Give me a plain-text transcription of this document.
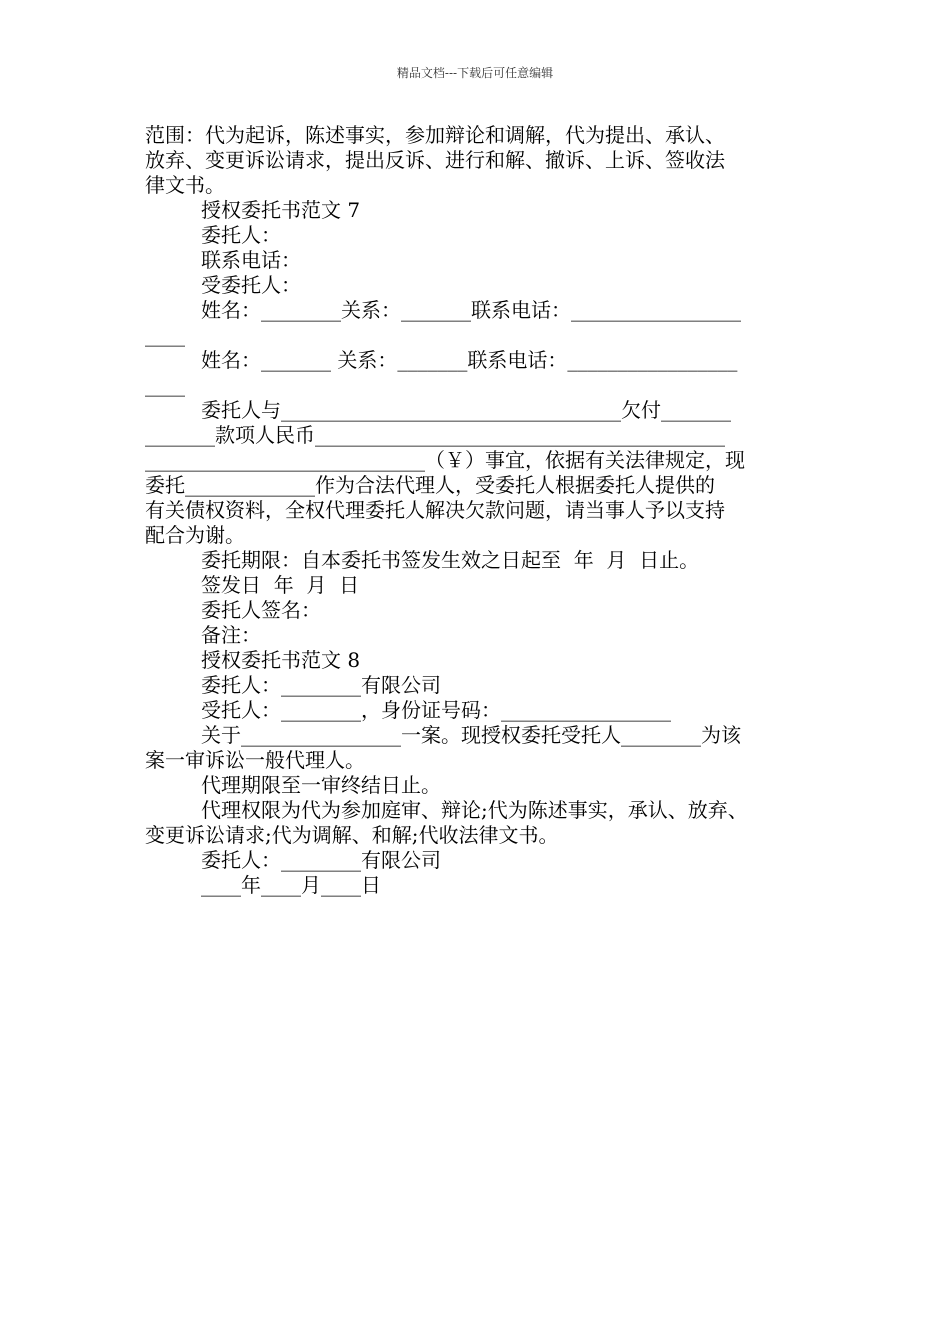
精品文档---下载后可任意编辑
范围：代为起诉，陈述事实，参加辩论和调解，代为提出、承认、
放弃、变更诉讼请求，提出反诉、进行和解、撤诉、上诉、签收法
律文书。
授权委托书范文 7
委托人：
联系电话：
受委托人：
姓名：________关系：_______联系电话：_________________
____
姓名：_______ 关系：_______联系电话：_________________
____
委托人与__________________________________欠付_______
_______款项人民币_________________________________________
____________________________（￥）事宜，依据有关法律规定，现
委托_____________作为合法代理人，受委托人根据委托人提供的
有关债权资料，全权代理委托人解决欠款问题，请当事人予以支持
配合为谢。
委托期限：自本委托书签发生效之日起至  年  月  日止。
签发日  年  月  日
委托人签名：
备注：
授权委托书范文 8
委托人：________有限公司
受托人：________，身份证号码：_________________
关于________________一案。现授权委托受托人________为该
案一审诉讼一般代理人。
代理期限至一审终结日止。
代理权限为代为参加庭审、辩论;代为陈述事实，承认、放弃、
变更诉讼请求;代为调解、和解;代收法律文书。
委托人：________有限公司
____年____月____日
